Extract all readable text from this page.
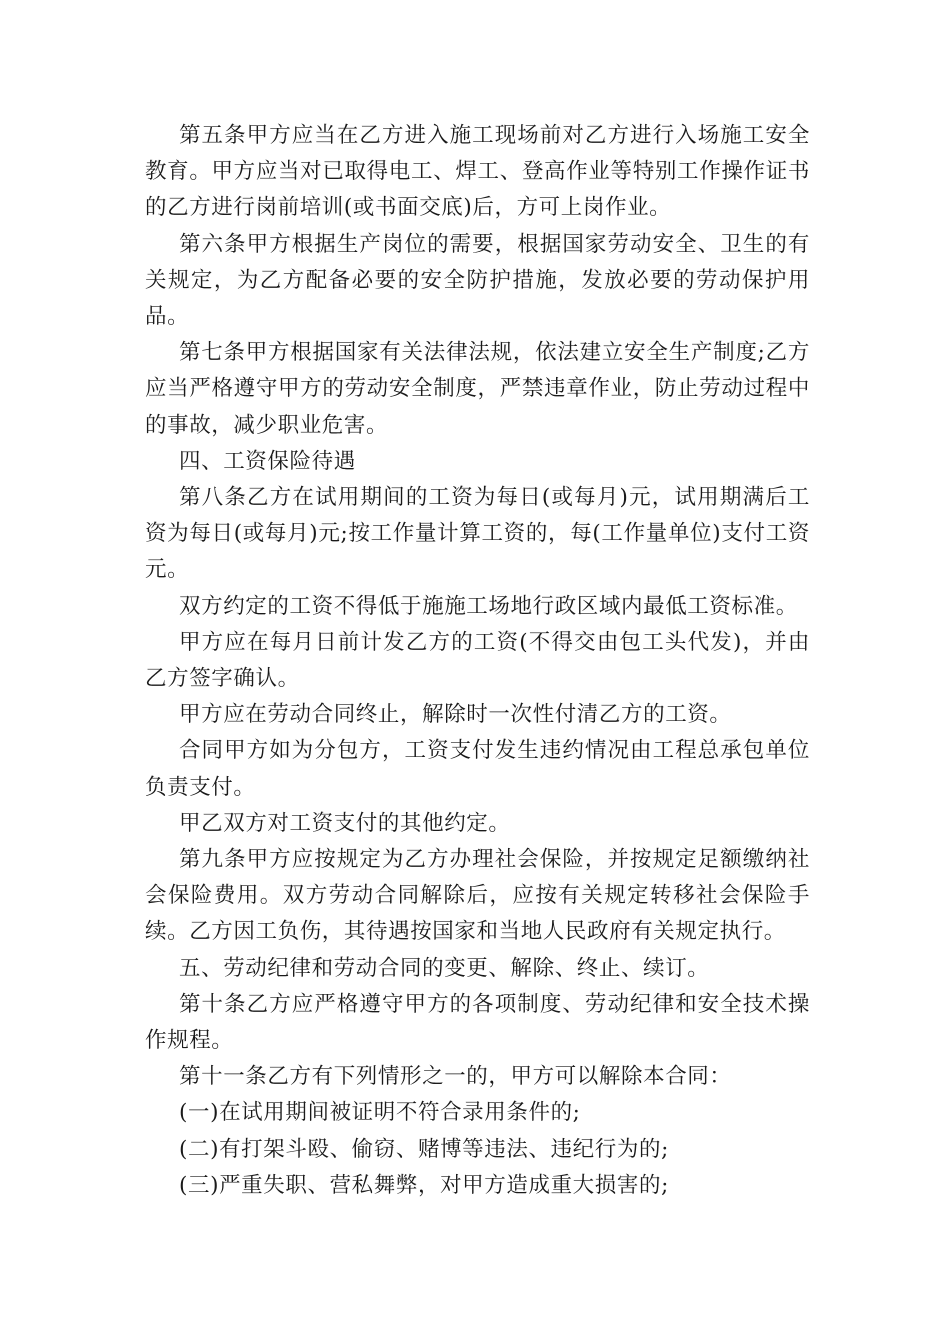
第五条甲方应当在乙方进入施工现场前对乙方进行入场施工安全教育。甲方应当对已取得电工、焊工、登高作业等特别工作操作证书的乙方进行岗前培训(或书面交底)后，方可上岗作业。

第六条甲方根据生产岗位的需要，根据国家劳动安全、卫生的有关规定，为乙方配备必要的安全防护措施，发放必要的劳动保护用品。

第七条甲方根据国家有关法律法规，依法建立安全生产制度;乙方应当严格遵守甲方的劳动安全制度，严禁违章作业，防止劳动过程中的事故，减少职业危害。

四、工资保险待遇

第八条乙方在试用期间的工资为每日(或每月)元，试用期满后工资为每日(或每月)元;按工作量计算工资的，每(工作量单位)支付工资元。

双方约定的工资不得低于施施工场地行政区域内最低工资标准。

甲方应在每月日前计发乙方的工资(不得交由包工头代发)，并由乙方签字确认。

甲方应在劳动合同终止，解除时一次性付清乙方的工资。

合同甲方如为分包方，工资支付发生违约情况由工程总承包单位负责支付。

甲乙双方对工资支付的其他约定。

第九条甲方应按规定为乙方办理社会保险，并按规定足额缴纳社会保险费用。双方劳动合同解除后，应按有关规定转移社会保险手续。乙方因工负伤，其待遇按国家和当地人民政府有关规定执行。

五、劳动纪律和劳动合同的变更、解除、终止、续订。

第十条乙方应严格遵守甲方的各项制度、劳动纪律和安全技术操作规程。

第十一条乙方有下列情形之一的，甲方可以解除本合同：

(一)在试用期间被证明不符合录用条件的;

(二)有打架斗殴、偷窃、赌博等违法、违纪行为的;

(三)严重失职、营私舞弊，对甲方造成重大损害的;
